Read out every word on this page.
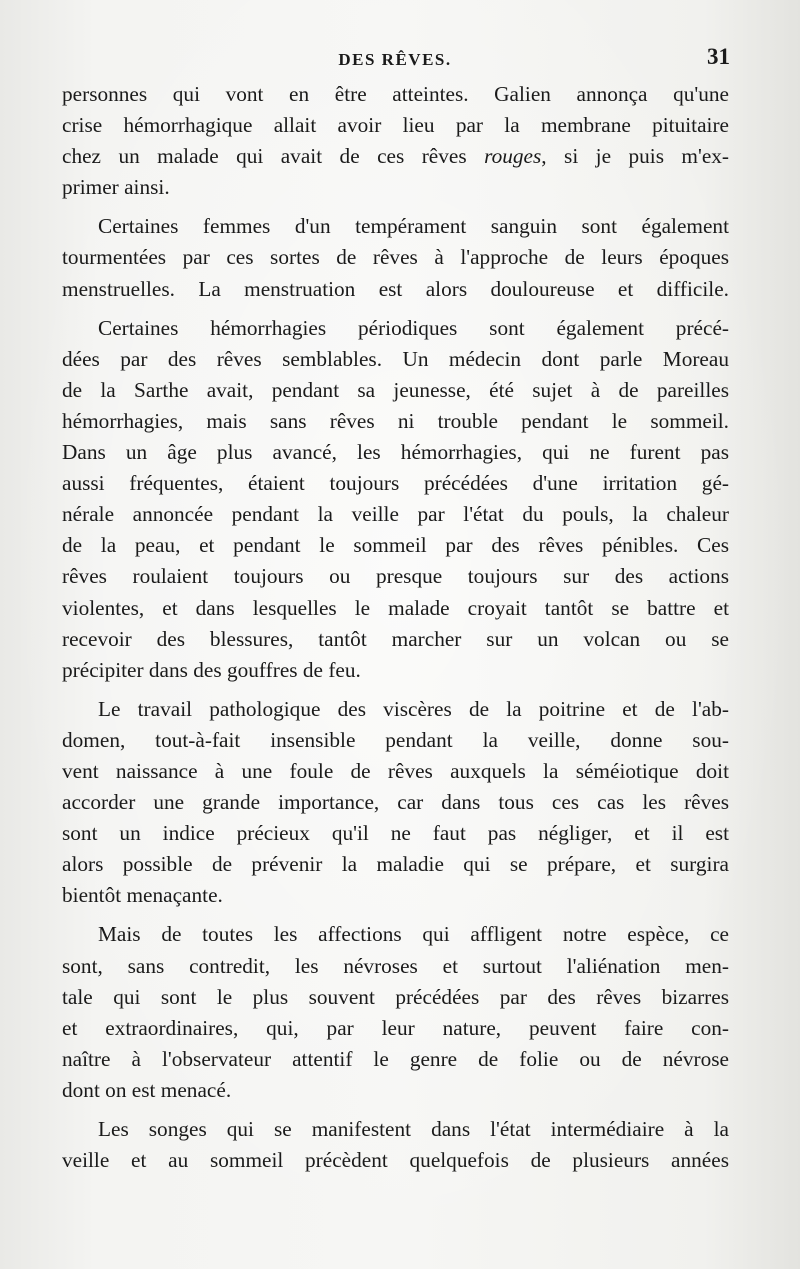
DES RÊVES.	31

personnes qui vont en être atteintes. Galien annonça qu'une
crise hémorrhagique allait avoir lieu par la membrane pituitaire
chez un malade qui avait de ces rêves rouges, si je puis m'ex-
primer ainsi.

Certaines femmes d'un tempérament sanguin sont également
tourmentées par ces sortes de rêves à l'approche de leurs époques
menstruelles. La menstruation est alors douloureuse et difficile.

Certaines hémorrhagies périodiques sont également précé-
dées par des rêves semblables. Un médecin dont parle Moreau
de la Sarthe avait, pendant sa jeunesse, été sujet à de pareilles
hémorrhagies, mais sans rêves ni trouble pendant le sommeil.
Dans un âge plus avancé, les hémorrhagies, qui ne furent pas
aussi fréquentes, étaient toujours précédées d'une irritation gé-
nérale annoncée pendant la veille par l'état du pouls, la chaleur
de la peau, et pendant le sommeil par des rêves pénibles. Ces
rêves roulaient toujours ou presque toujours sur des actions
violentes, et dans lesquelles le malade croyait tantôt se battre et
recevoir des blessures, tantôt marcher sur un volcan ou se
précipiter dans des gouffres de feu.

Le travail pathologique des viscères de la poitrine et de l'ab-
domen, tout-à-fait insensible pendant la veille, donne sou-
vent naissance à une foule de rêves auxquels la séméiotique doit
accorder une grande importance, car dans tous ces cas les rêves
sont un indice précieux qu'il ne faut pas négliger, et il est
alors possible de prévenir la maladie qui se prépare, et surgira
bientôt menaçante.

Mais de toutes les affections qui affligent notre espèce, ce
sont, sans contredit, les névroses et surtout l'aliénation men-
tale qui sont le plus souvent précédées par des rêves bizarres
et extraordinaires, qui, par leur nature, peuvent faire con-
naître à l'observateur attentif le genre de folie ou de névrose
dont on est menacé.

Les songes qui se manifestent dans l'état intermédiaire à la
veille et au sommeil précèdent quelquefois de plusieurs années
